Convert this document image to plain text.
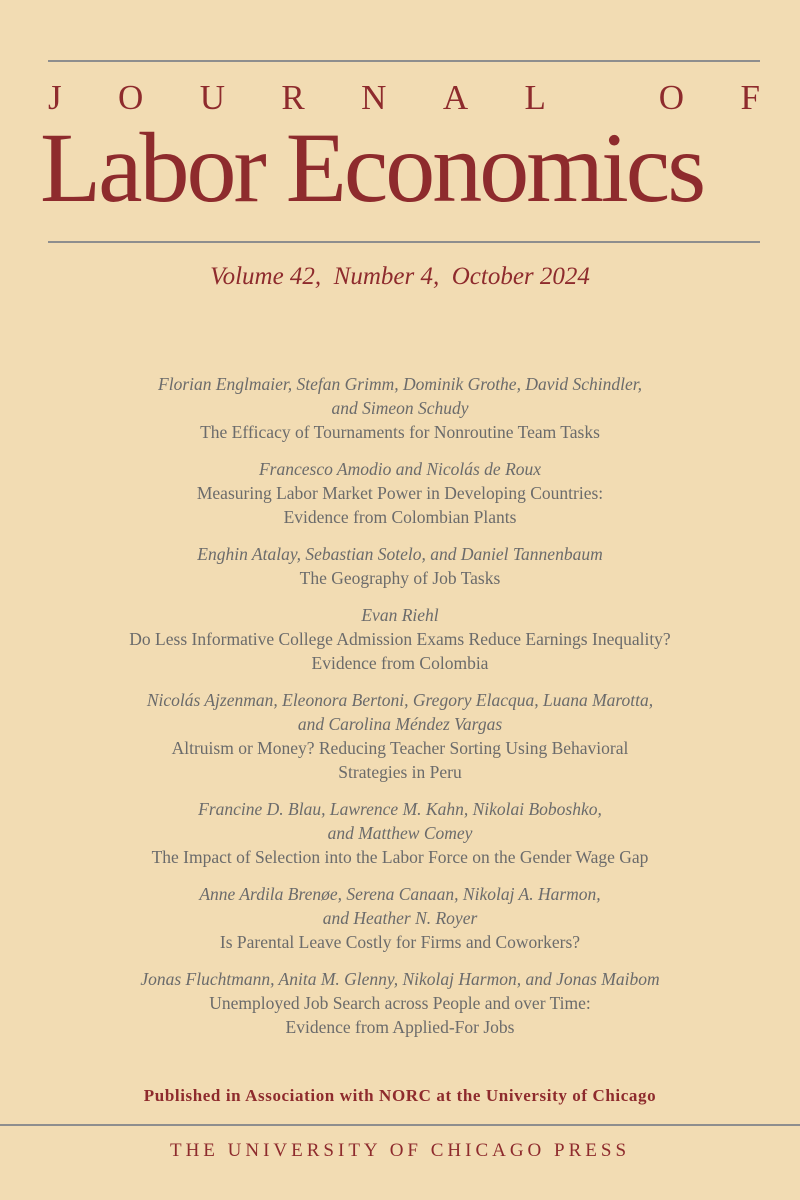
J O U R N A L	O F
Labor Economics
Volume 42,  Number 4,  October 2024
Florian Englmaier, Stefan Grimm, Dominik Grothe, David Schindler,
and Simeon Schudy
The Efficacy of Tournaments for Nonroutine Team Tasks
Francesco Amodio and Nicolás de Roux
Measuring Labor Market Power in Developing Countries:
Evidence from Colombian Plants
Enghin Atalay, Sebastian Sotelo, and Daniel Tannenbaum
The Geography of Job Tasks
Evan Riehl
Do Less Informative College Admission Exams Reduce Earnings Inequality?
Evidence from Colombia
Nicolás Ajzenman, Eleonora Bertoni, Gregory Elacqua, Luana Marotta,
and Carolina Méndez Vargas
Altruism or Money? Reducing Teacher Sorting Using Behavioral
Strategies in Peru
Francine D. Blau, Lawrence M. Kahn, Nikolai Boboshko,
and Matthew Comey
The Impact of Selection into the Labor Force on the Gender Wage Gap
Anne Ardila Brenøe, Serena Canaan, Nikolaj A. Harmon,
and Heather N. Royer
Is Parental Leave Costly for Firms and Coworkers?
Jonas Fluchtmann, Anita M. Glenny, Nikolaj Harmon, and Jonas Maibom
Unemployed Job Search across People and over Time:
Evidence from Applied-For Jobs
Published in Association with NORC at the University of Chicago
THE UNIVERSITY OF CHICAGO PRESS
